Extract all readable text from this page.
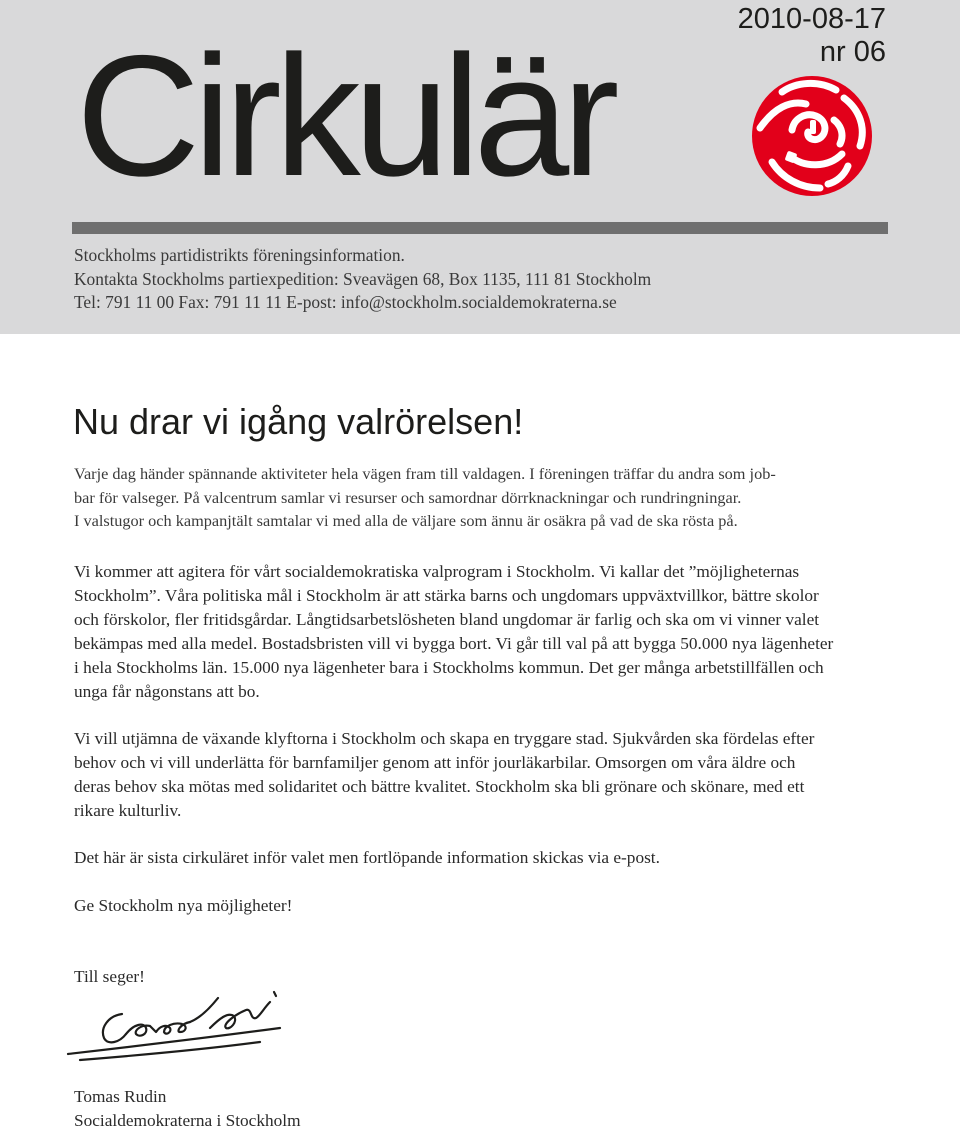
Cirkulär
2010-08-17
nr 06
Stockholms partidistrikts föreningsinformation.
Kontakta Stockholms partiexpedition: Sveavägen 68, Box 1135, 111 81 Stockholm
Tel: 791 11 00 Fax: 791 11 11 E-post: info@stockholm.socialdemokraterna.se
Nu drar vi igång valrörelsen!
Varje dag händer spännande aktiviteter hela vägen fram till valdagen. I föreningen träffar du andra som job-
bar för valseger. På valcentrum samlar vi resurser och samordnar dörrknackningar och rundringningar.
I valstugor och kampanjtält samtalar vi med alla de väljare som ännu är osäkra på vad de ska rösta på.
Vi kommer att agitera för vårt socialdemokratiska valprogram i Stockholm. Vi kallar det ”möjligheternas
Stockholm”. Våra politiska mål i Stockholm är att stärka barns och ungdomars uppväxtvillkor, bättre skolor
och förskolor, fler fritidsgårdar. Långtidsarbetslösheten bland ungdomar är farlig och ska om vi vinner valet
bekämpas med alla medel. Bostadsbristen vill vi bygga bort. Vi går till val på att bygga 50.000 nya lägenheter
i hela Stockholms län. 15.000 nya lägenheter bara i Stockholms kommun. Det ger många arbetstillfällen och
unga får någonstans att bo.
Vi vill utjämna de växande klyftorna i Stockholm och skapa en tryggare stad. Sjukvården ska fördelas efter
behov och vi vill underlätta för barnfamiljer genom att inför jourläkarbilar. Omsorgen om våra äldre och
deras behov ska mötas med solidaritet och bättre kvalitet. Stockholm ska bli grönare och skönare, med ett
rikare kulturliv.
Det här är sista cirkuläret inför valet men fortlöpande information skickas via e-post.
Ge Stockholm nya möjligheter!
Till seger!
Tomas Rudin
Socialdemokraterna i Stockholm
